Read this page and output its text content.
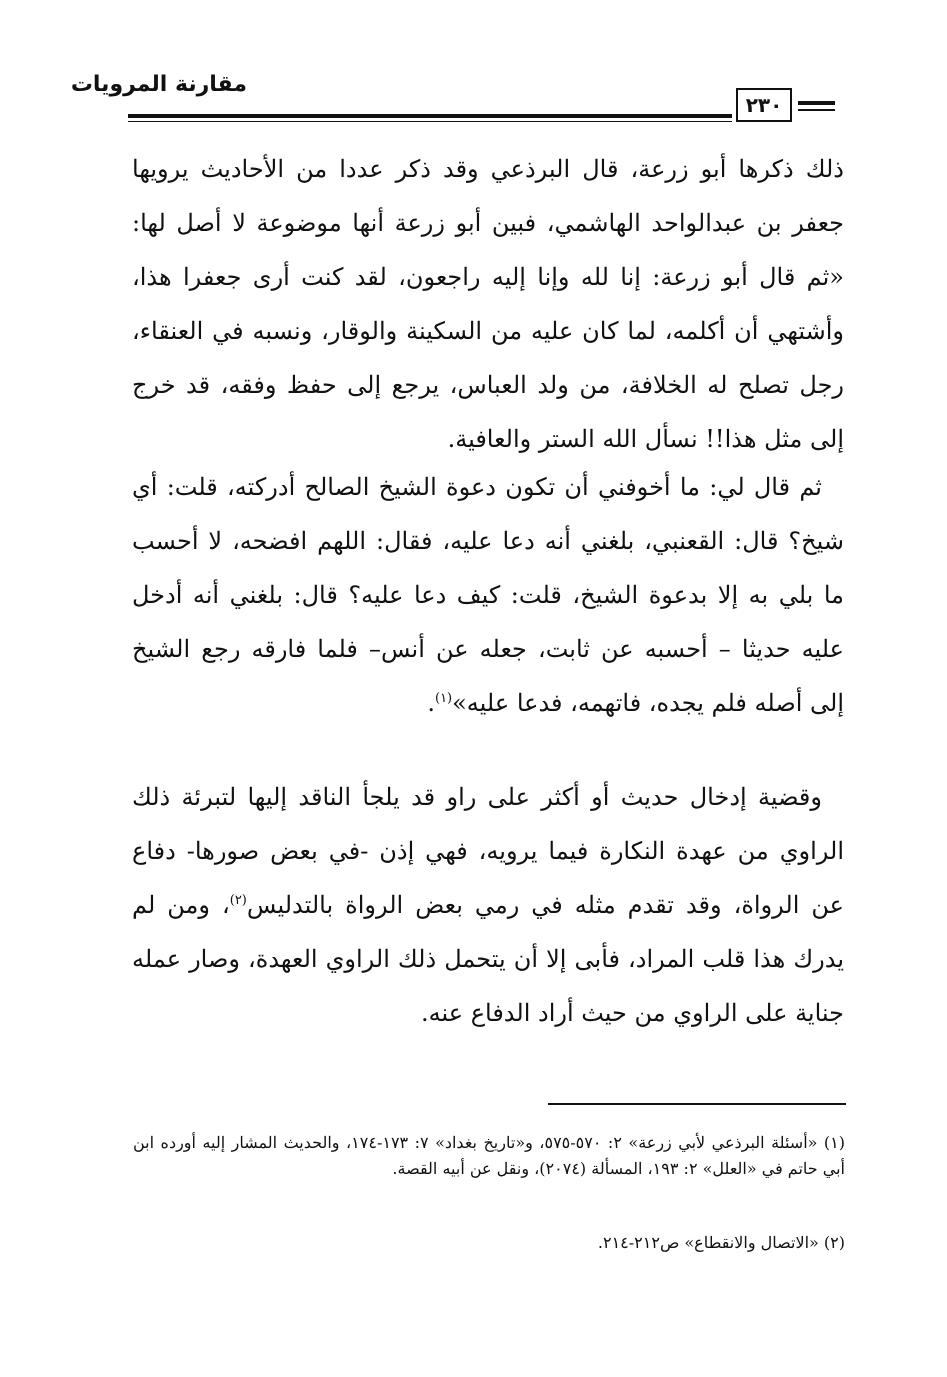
مقارنة المرويات
٢٣٠

ذلك ذكرها أبو زرعة، قال البرذعي وقد ذكر عددا من الأحاديث يرويها جعفر بن عبدالواحد الهاشمي، فبين أبو زرعة أنها موضوعة لا أصل لها: «ثم قال أبو زرعة: إنا لله وإنا إليه راجعون، لقد كنت أرى جعفرا هذا، وأشتهي أن أكلمه، لما كان عليه من السكينة والوقار، ونسبه في العنقاء، رجل تصلح له الخلافة، من ولد العباس، يرجع إلى حفظ وفقه، قد خرج إلى مثل هذا!! نسأل الله الستر والعافية.

ثم قال لي: ما أخوفني أن تكون دعوة الشيخ الصالح أدركته، قلت: أي شيخ؟ قال: القعنبي، بلغني أنه دعا عليه، فقال: اللهم افضحه، لا أحسب ما بلي به إلا بدعوة الشيخ، قلت: كيف دعا عليه؟ قال: بلغني أنه أدخل عليه حديثا – أحسبه عن ثابت، جعله عن أنس– فلما فارقه رجع الشيخ إلى أصله فلم يجده، فاتهمه، فدعا عليه»$^{(١)}$.

وقضية إدخال حديث أو أكثر على راو قد يلجأ الناقد إليها لتبرئة ذلك الراوي من عهدة النكارة فيما يرويه، فهي إذن -في بعض صورها- دفاع عن الرواة، وقد تقدم مثله في رمي بعض الرواة بالتدليس$^{(٢)}$، ومن لم يدرك هذا قلب المراد، فأبى إلا أن يتحمل ذلك الراوي العهدة، وصار عمله جناية على الراوي من حيث أراد الدفاع عنه.

(١) «أسئلة البرذعي لأبي زرعة» ٢: ٥٧٠-٥٧٥، و«تاريخ بغداد» ٧: ١٧٣-١٧٤، والحديث المشار إليه أورده ابن أبي حاتم في «العلل» ٢: ١٩٣، المسألة (٢٠٧٤)، ونقل عن أبيه القصة.

(٢) «الاتصال والانقطاع» ص٢١٢-٢١٤.
